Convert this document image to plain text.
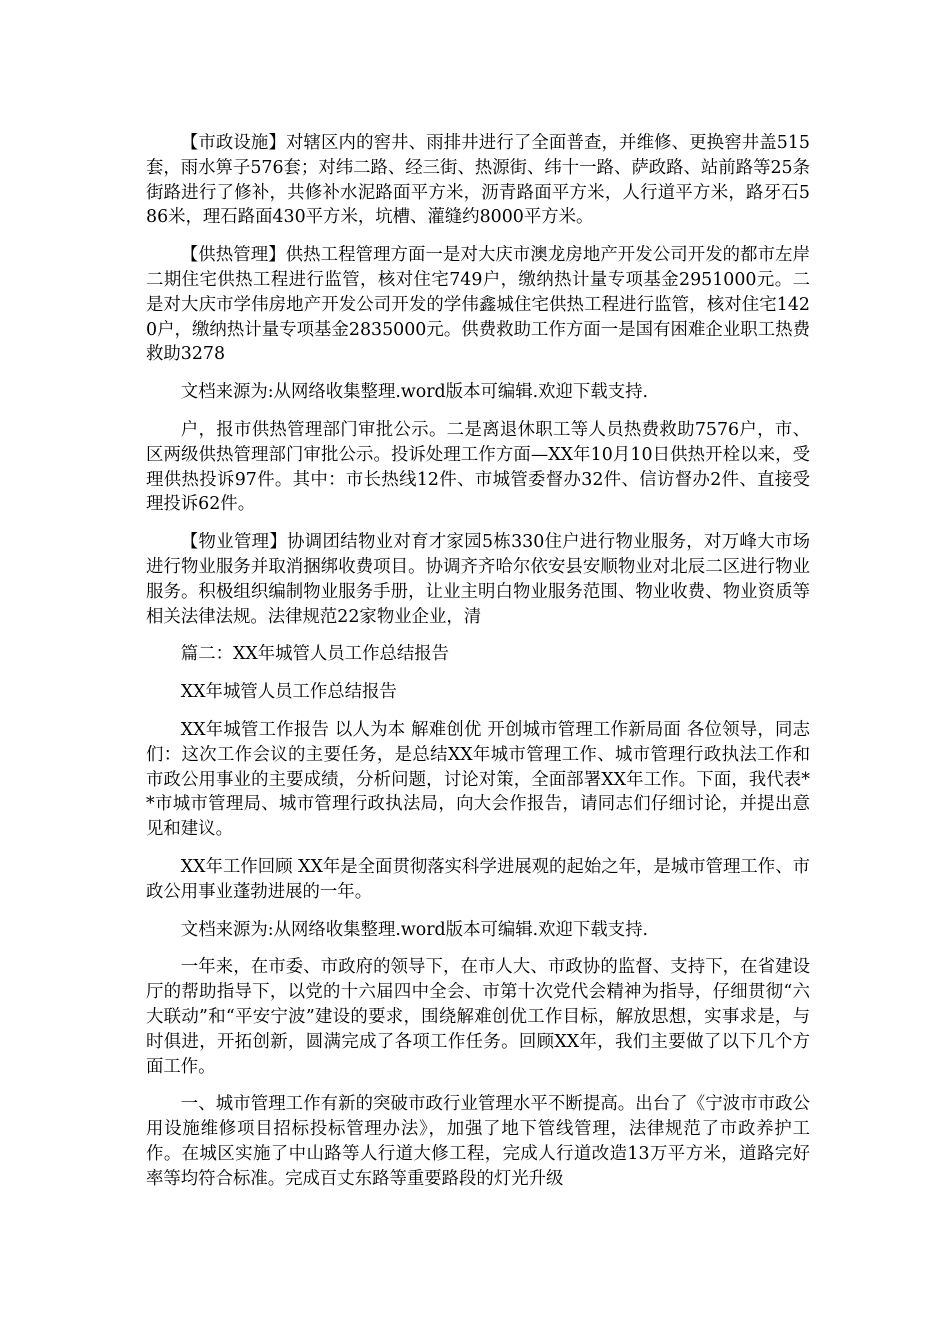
【市政设施】对辖区内的窖井、雨排井进行了全面普查，并维修、更换窖井盖515套，雨水箅子576套；对纬二路、经三街、热源街、纬十一路、萨政路、站前路等25条街路进行了修补，共修补水泥路面平方米，沥青路面平方米，人行道平方米，路牙石586米，理石路面430平方米，坑槽、灌缝约8000平方米。

【供热管理】供热工程管理方面一是对大庆市澳龙房地产开发公司开发的都市左岸二期住宅供热工程进行监管，核对住宅749户，缴纳热计量专项基金2951000元。二是对大庆市学伟房地产开发公司开发的学伟鑫城住宅供热工程进行监管，核对住宅1420户，缴纳热计量专项基金2835000元。供费救助工作方面一是国有困难企业职工热费救助3278

文档来源为:从网络收集整理.word版本可编辑.欢迎下载支持.

户，报市供热管理部门审批公示。二是离退休职工等人员热费救助7576户，市、区两级供热管理部门审批公示。投诉处理工作方面—XX年10月10日供热开栓以来，受理供热投诉97件。其中：市长热线12件、市城管委督办32件、信访督办2件、直接受理投诉62件。

【物业管理】协调团结物业对育才家园5栋330住户进行物业服务，对万峰大市场进行物业服务并取消捆绑收费项目。协调齐齐哈尔依安县安顺物业对北辰二区进行物业服务。积极组织编制物业服务手册，让业主明白物业服务范围、物业收费、物业资质等相关法律法规。法律规范22家物业企业，清

篇二：XX年城管人员工作总结报告

XX年城管人员工作总结报告

XX年城管工作报告 以人为本 解难创优 开创城市管理工作新局面 各位领导，同志们：这次工作会议的主要任务，是总结XX年城市管理工作、城市管理行政执法工作和市政公用事业的主要成绩，分析问题，讨论对策，全面部署XX年工作。下面，我代表**市城市管理局、城市管理行政执法局，向大会作报告，请同志们仔细讨论，并提出意见和建议。

XX年工作回顾 XX年是全面贯彻落实科学进展观的起始之年，是城市管理工作、市政公用事业蓬勃进展的一年。

文档来源为:从网络收集整理.word版本可编辑.欢迎下载支持.

一年来，在市委、市政府的领导下，在市人大、市政协的监督、支持下，在省建设厅的帮助指导下，以党的十六届四中全会、市第十次党代会精神为指导，仔细贯彻“六大联动”和“平安宁波”建设的要求，围绕解难创优工作目标，解放思想，实事求是，与时俱进，开拓创新，圆满完成了各项工作任务。回顾XX年，我们主要做了以下几个方面工作。

一、城市管理工作有新的突破市政行业管理水平不断提高。出台了《宁波市市政公用设施维修项目招标投标管理办法》，加强了地下管线管理，法律规范了市政养护工作。在城区实施了中山路等人行道大修工程，完成人行道改造13万平方米，道路完好率等均符合标准。完成百丈东路等重要路段的灯光升级
